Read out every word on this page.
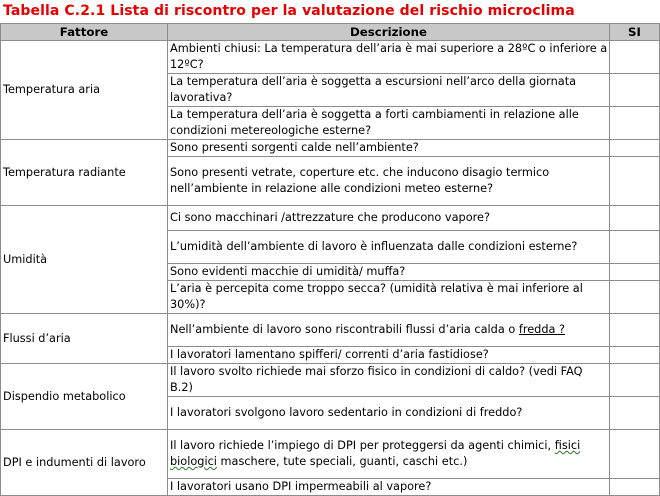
Tabella C.2.1 Lista di riscontro per la valutazione del rischio microclima
Fattore	Descrizione	SI
Temperatura aria	Ambienti chiusi: La temperatura dell’aria è mai superiore a 28ºC o inferiore a 12ºC?	
	La temperatura dell’aria è soggetta a escursioni nell’arco della giornata lavorativa?	
	La temperatura dell’aria è soggetta a forti cambiamenti in relazione alle condizioni metereologiche esterne?	
Temperatura radiante	Sono presenti sorgenti calde nell’ambiente?	
	Sono presenti vetrate, coperture etc. che inducono disagio termico nell’ambiente in relazione alle condizioni meteo esterne?	
Umidità	Ci sono macchinari /attrezzature che producono vapore?	
	L’umidità dell’ambiente di lavoro è influenzata dalle condizioni esterne?	
	Sono evidenti macchie di umidità/ muffa?	
	L’aria è percepita come troppo secca? (umidità relativa è mai inferiore al 30%)?	
Flussi d’aria	Nell’ambiente di lavoro sono riscontrabili flussi d’aria calda o fredda ?	
	I lavoratori lamentano spifferi/ correnti d’aria fastidiose?	
Dispendio metabolico	Il lavoro svolto richiede mai sforzo fisico in condizioni di caldo? (vedi FAQ B.2)	
	I lavoratori svolgono lavoro sedentario in condizioni di freddo?	
DPI e indumenti di lavoro	Il lavoro richiede l’impiego di DPI per proteggersi da agenti chimici, fisici biologici maschere, tute speciali, guanti, caschi etc.)	
	I lavoratori usano DPI impermeabili al vapore?	
